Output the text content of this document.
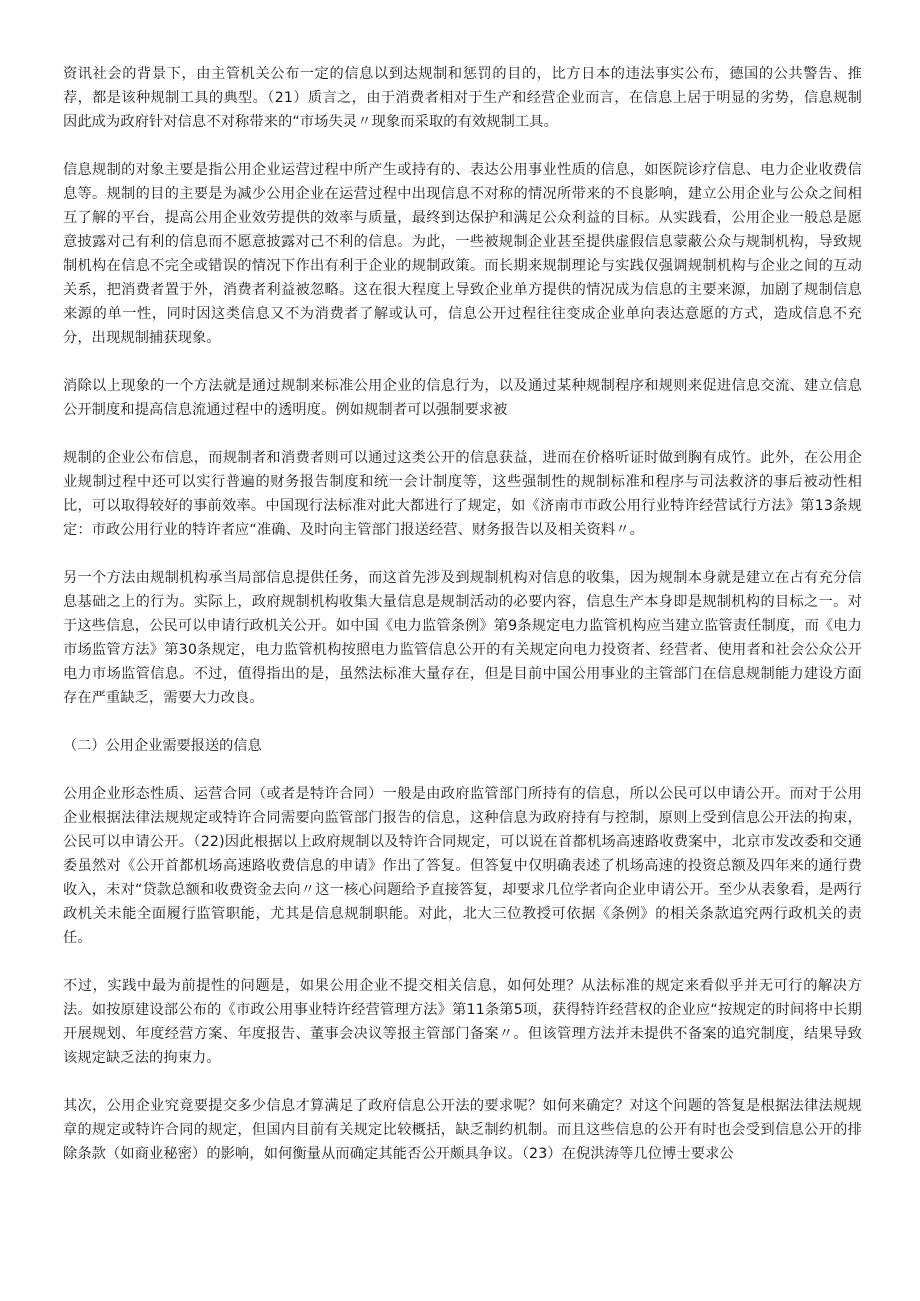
资讯社会的背景下，由主管机关公布一定的信息以到达规制和惩罚的目的，比方日本的违法事实公布，德国的公共警告、推荐，都是该种规制工具的典型。（21）质言之，由于消费者相对于生产和经营企业而言，在信息上居于明显的劣势，信息规制因此成为政府针对信息不对称带来的“市场失灵〃现象而采取的有效规制工具。

信息规制的对象主要是指公用企业运营过程中所产生或持有的、表达公用事业性质的信息，如医院诊疗信息、电力企业收费信息等。规制的目的主要是为减少公用企业在运营过程中出现信息不对称的情况所带来的不良影响，建立公用企业与公众之间相互了解的平台，提高公用企业效劳提供的效率与质量，最终到达保护和满足公众利益的目标。从实践看，公用企业一般总是愿意披露对己有利的信息而不愿意披露对己不利的信息。为此，一些被规制企业甚至提供虚假信息蒙蔽公众与规制机构，导致规制机构在信息不完全或错误的情况下作出有利于企业的规制政策。而长期来规制理论与实践仅强调规制机构与企业之间的互动关系，把消费者置于外，消费者利益被忽略。这在很大程度上导致企业单方提供的情况成为信息的主要来源，加剧了规制信息来源的单一性，同时因这类信息又不为消费者了解或认可，信息公开过程往往变成企业单向表达意愿的方式，造成信息不充分，出现规制捕获现象。

消除以上现象的一个方法就是通过规制来标准公用企业的信息行为，以及通过某种规制程序和规则来促进信息交流、建立信息公开制度和提高信息流通过程中的透明度。例如规制者可以强制要求被

规制的企业公布信息，而规制者和消费者则可以通过这类公开的信息获益，进而在价格听证时做到胸有成竹。此外，在公用企业规制过程中还可以实行普遍的财务报告制度和统一会计制度等，这些强制性的规制标准和程序与司法救济的事后被动性相比，可以取得较好的事前效率。中国现行法标准对此大都进行了规定，如《济南市市政公用行业特许经营试行方法》第13条规定：市政公用行业的特许者应“准确、及时向主管部门报送经营、财务报告以及相关资料〃。

另一个方法由规制机构承当局部信息提供任务，而这首先涉及到规制机构对信息的收集，因为规制本身就是建立在占有充分信息基础之上的行为。实际上，政府规制机构收集大量信息是规制活动的必要内容，信息生产本身即是规制机构的目标之一。对于这些信息，公民可以申请行政机关公开。如中国《电力监管条例》第9条规定电力监管机构应当建立监管责任制度，而《电力市场监管方法》第30条规定，电力监管机构按照电力监管信息公开的有关规定向电力投资者、经营者、使用者和社会公众公开电力市场监管信息。不过，值得指出的是，虽然法标准大量存在，但是目前中国公用事业的主管部门在信息规制能力建设方面存在严重缺乏，需要大力改良。

（二）公用企业需要报送的信息

公用企业形态性质、运营合同（或者是特许合同）一般是由政府监管部门所持有的信息，所以公民可以申请公开。而对于公用企业根据法律法规规定或特许合同需要向监管部门报告的信息，这种信息为政府持有与控制，原则上受到信息公开法的拘束，公民可以申请公开。（22)因此根据以上政府规制以及特许合同规定，可以说在首都机场高速路收费案中，北京市发改委和交通委虽然对《公开首都机场高速路收费信息的申请》作出了答复。但答复中仅明确表述了机场高速的投资总额及四年来的通行费收入，未对“贷款总额和收费资金去向〃这一核心问题给予直接答复，却要求几位学者向企业申请公开。至少从表象看，是两行政机关未能全面履行监管职能，尤其是信息规制职能。对此，北大三位教授可依据《条例》的相关条款追究两行政机关的责任。

不过，实践中最为前提性的问题是，如果公用企业不提交相关信息，如何处理？从法标准的规定来看似乎并无可行的解决方法。如按原建设部公布的《市政公用事业特许经营管理方法》第11条第5项，获得特许经营权的企业应“按规定的时间将中长期开展规划、年度经营方案、年度报告、董事会决议等报主管部门备案〃。但该管理方法并未提供不备案的追究制度，结果导致该规定缺乏法的拘束力。

其次，公用企业究竟要提交多少信息才算满足了政府信息公开法的要求呢？如何来确定？对这个问题的答复是根据法律法规规章的规定或特许合同的规定，但国内目前有关规定比较概括，缺乏制约机制。而且这些信息的公开有时也会受到信息公开的排除条款（如商业秘密）的影响，如何衡量从而确定其能否公开颇具争议。（23）在倪洪涛等几位博士要求公
